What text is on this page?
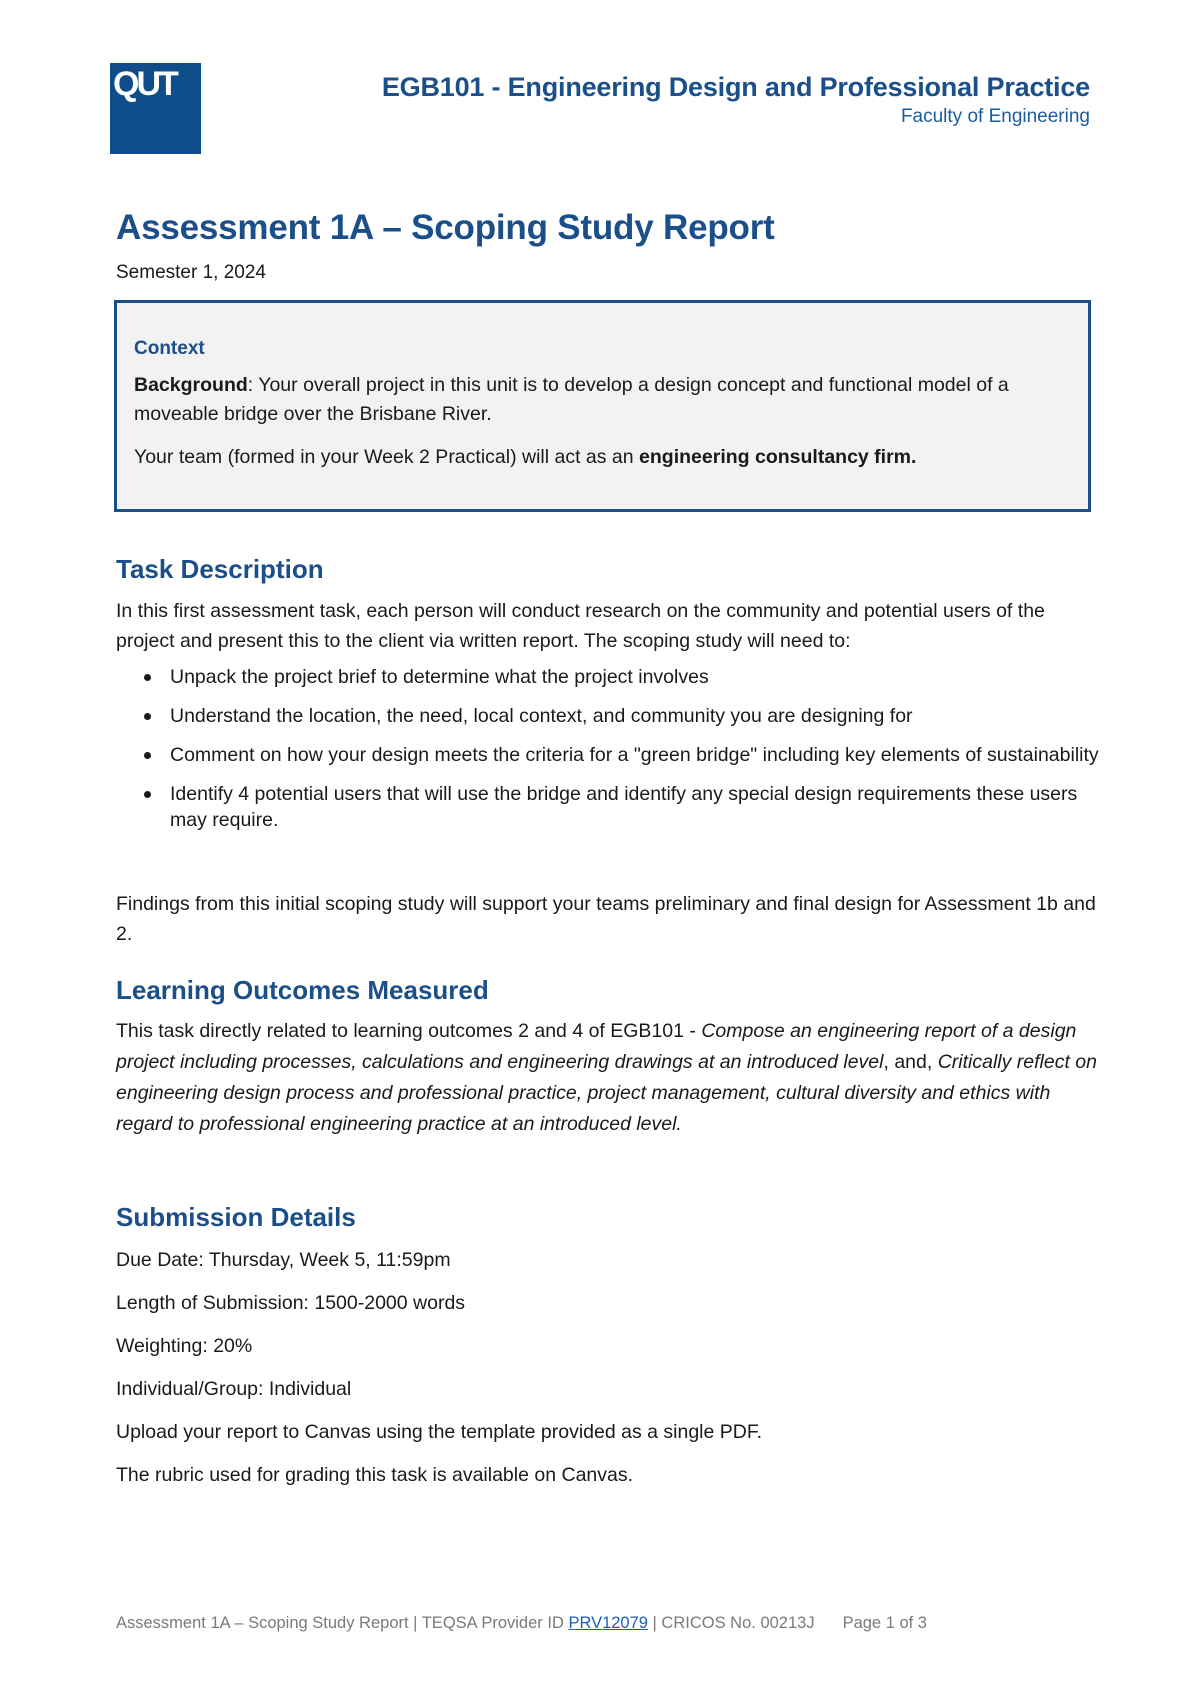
QUT	EGB101 - Engineering Design and Professional Practice
Faculty of Engineering
Assessment 1A – Scoping Study Report
Semester 1, 2024
Context

Background: Your overall project in this unit is to develop a design concept and functional model of a moveable bridge over the Brisbane River.

Your team (formed in your Week 2 Practical) will act as an engineering consultancy firm.

Task Description

In this first assessment task, each person will conduct research on the community and potential users of the project and present this to the client via written report. The scoping study will need to:

Unpack the project brief to determine what the project involves
Understand the location, the need, local context, and community you are designing for
Comment on how your design meets the criteria for a "green bridge" including key elements of sustainability
Identify 4 potential users that will use the bridge and identify any special design requirements these users may require.

Findings from this initial scoping study will support your teams preliminary and final design for Assessment 1b and 2.

Learning Outcomes Measured

This task directly related to learning outcomes 2 and 4 of EGB101 - Compose an engineering report of a design project including processes, calculations and engineering drawings at an introduced level, and, Critically reflect on engineering design process and professional practice, project management, cultural diversity and ethics with regard to professional engineering practice at an introduced level.

Submission Details
Due Date: Thursday, Week 5, 11:59pm
Length of Submission: 1500-2000 words
Weighting: 20%
Individual/Group: Individual
Upload your report to Canvas using the template provided as a single PDF.
The rubric used for grading this task is available on Canvas.
Assessment 1A – Scoping Study Report | TEQSA Provider ID PRV12079 | CRICOS No. 00213J Page 1 of 3
